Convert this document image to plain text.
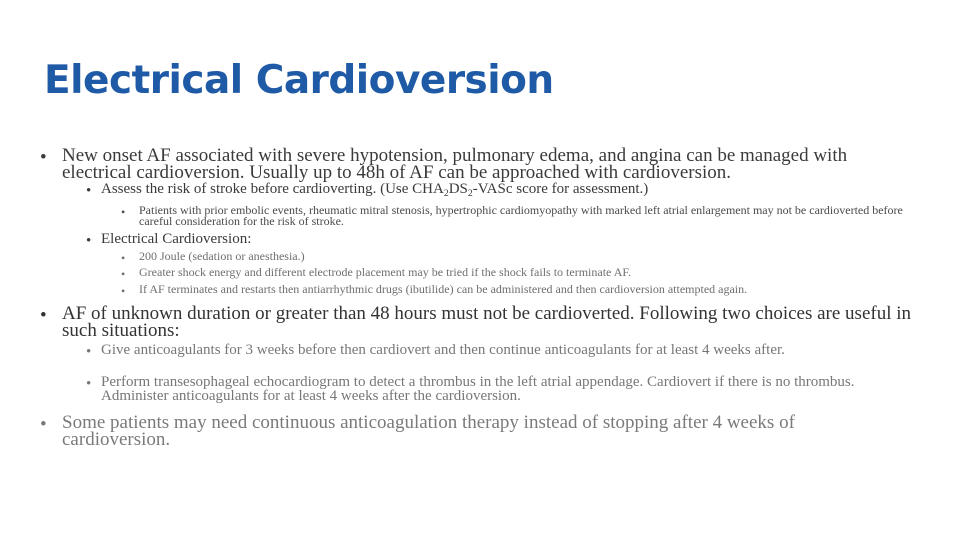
Electrical Cardioversion
• New onset AF associated with severe hypotension, pulmonary edema, and angina can be managed with electrical cardioversion. Usually up to 48h of AF can be approached with cardioversion.
• Assess the risk of stroke before cardioverting. (Use $CHA_2DS_2$-VASc score for assessment.)
• Patients with prior embolic events, rheumatic mitral stenosis, hypertrophic cardiomyopathy with marked left atrial enlargement may not be cardioverted before careful consideration for the risk of stroke.
• Electrical Cardioversion:
• 200 Joule (sedation or anesthesia.)
• Greater shock energy and different electrode placement may be tried if the shock fails to terminate AF.
• If AF terminates and restarts then antiarrhythmic drugs (ibutilide) can be administered and then cardioversion attempted again.
• AF of unknown duration or greater than 48 hours must not be cardioverted. Following two choices are useful in such situations:
• Give anticoagulants for 3 weeks before then cardiovert and then continue anticoagulants for at least 4 weeks after.
• Perform transesophageal echocardiogram to detect a thrombus in the left atrial appendage. Cardiovert if there is no thrombus. Administer anticoagulants for at least 4 weeks after the cardioversion.
• Some patients may need continuous anticoagulation therapy instead of stopping after 4 weeks of cardioversion.
